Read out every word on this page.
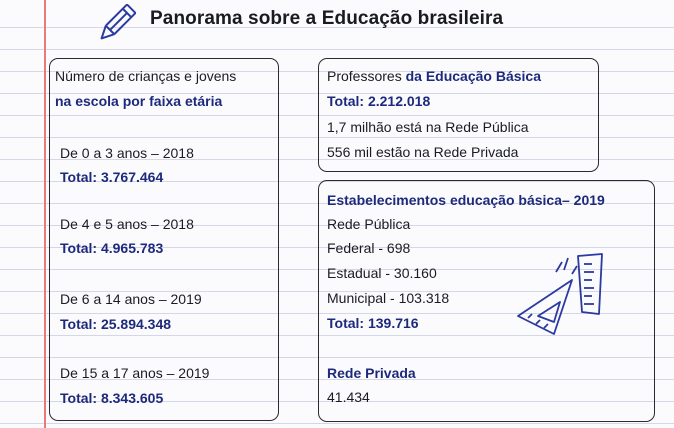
Panorama sobre a Educação brasileira
Número de crianças e jovens
na escola por faixa etária
De 0 a 3 anos – 2018
Total: 3.767.464
De 4 e 5 anos – 2018
Total: 4.965.783
De 6 a 14 anos – 2019
Total: 25.894.348
De 15 a 17 anos – 2019
Total: 8.343.605
Professores da Educação Básica
Total: 2.212.018
1,7 milhão está na Rede Pública
556 mil estão na Rede Privada
Estabelecimentos educação básica– 2019
Rede Pública
Federal - 698
Estadual - 30.160
Municipal - 103.318
Total: 139.716
Rede Privada
41.434
